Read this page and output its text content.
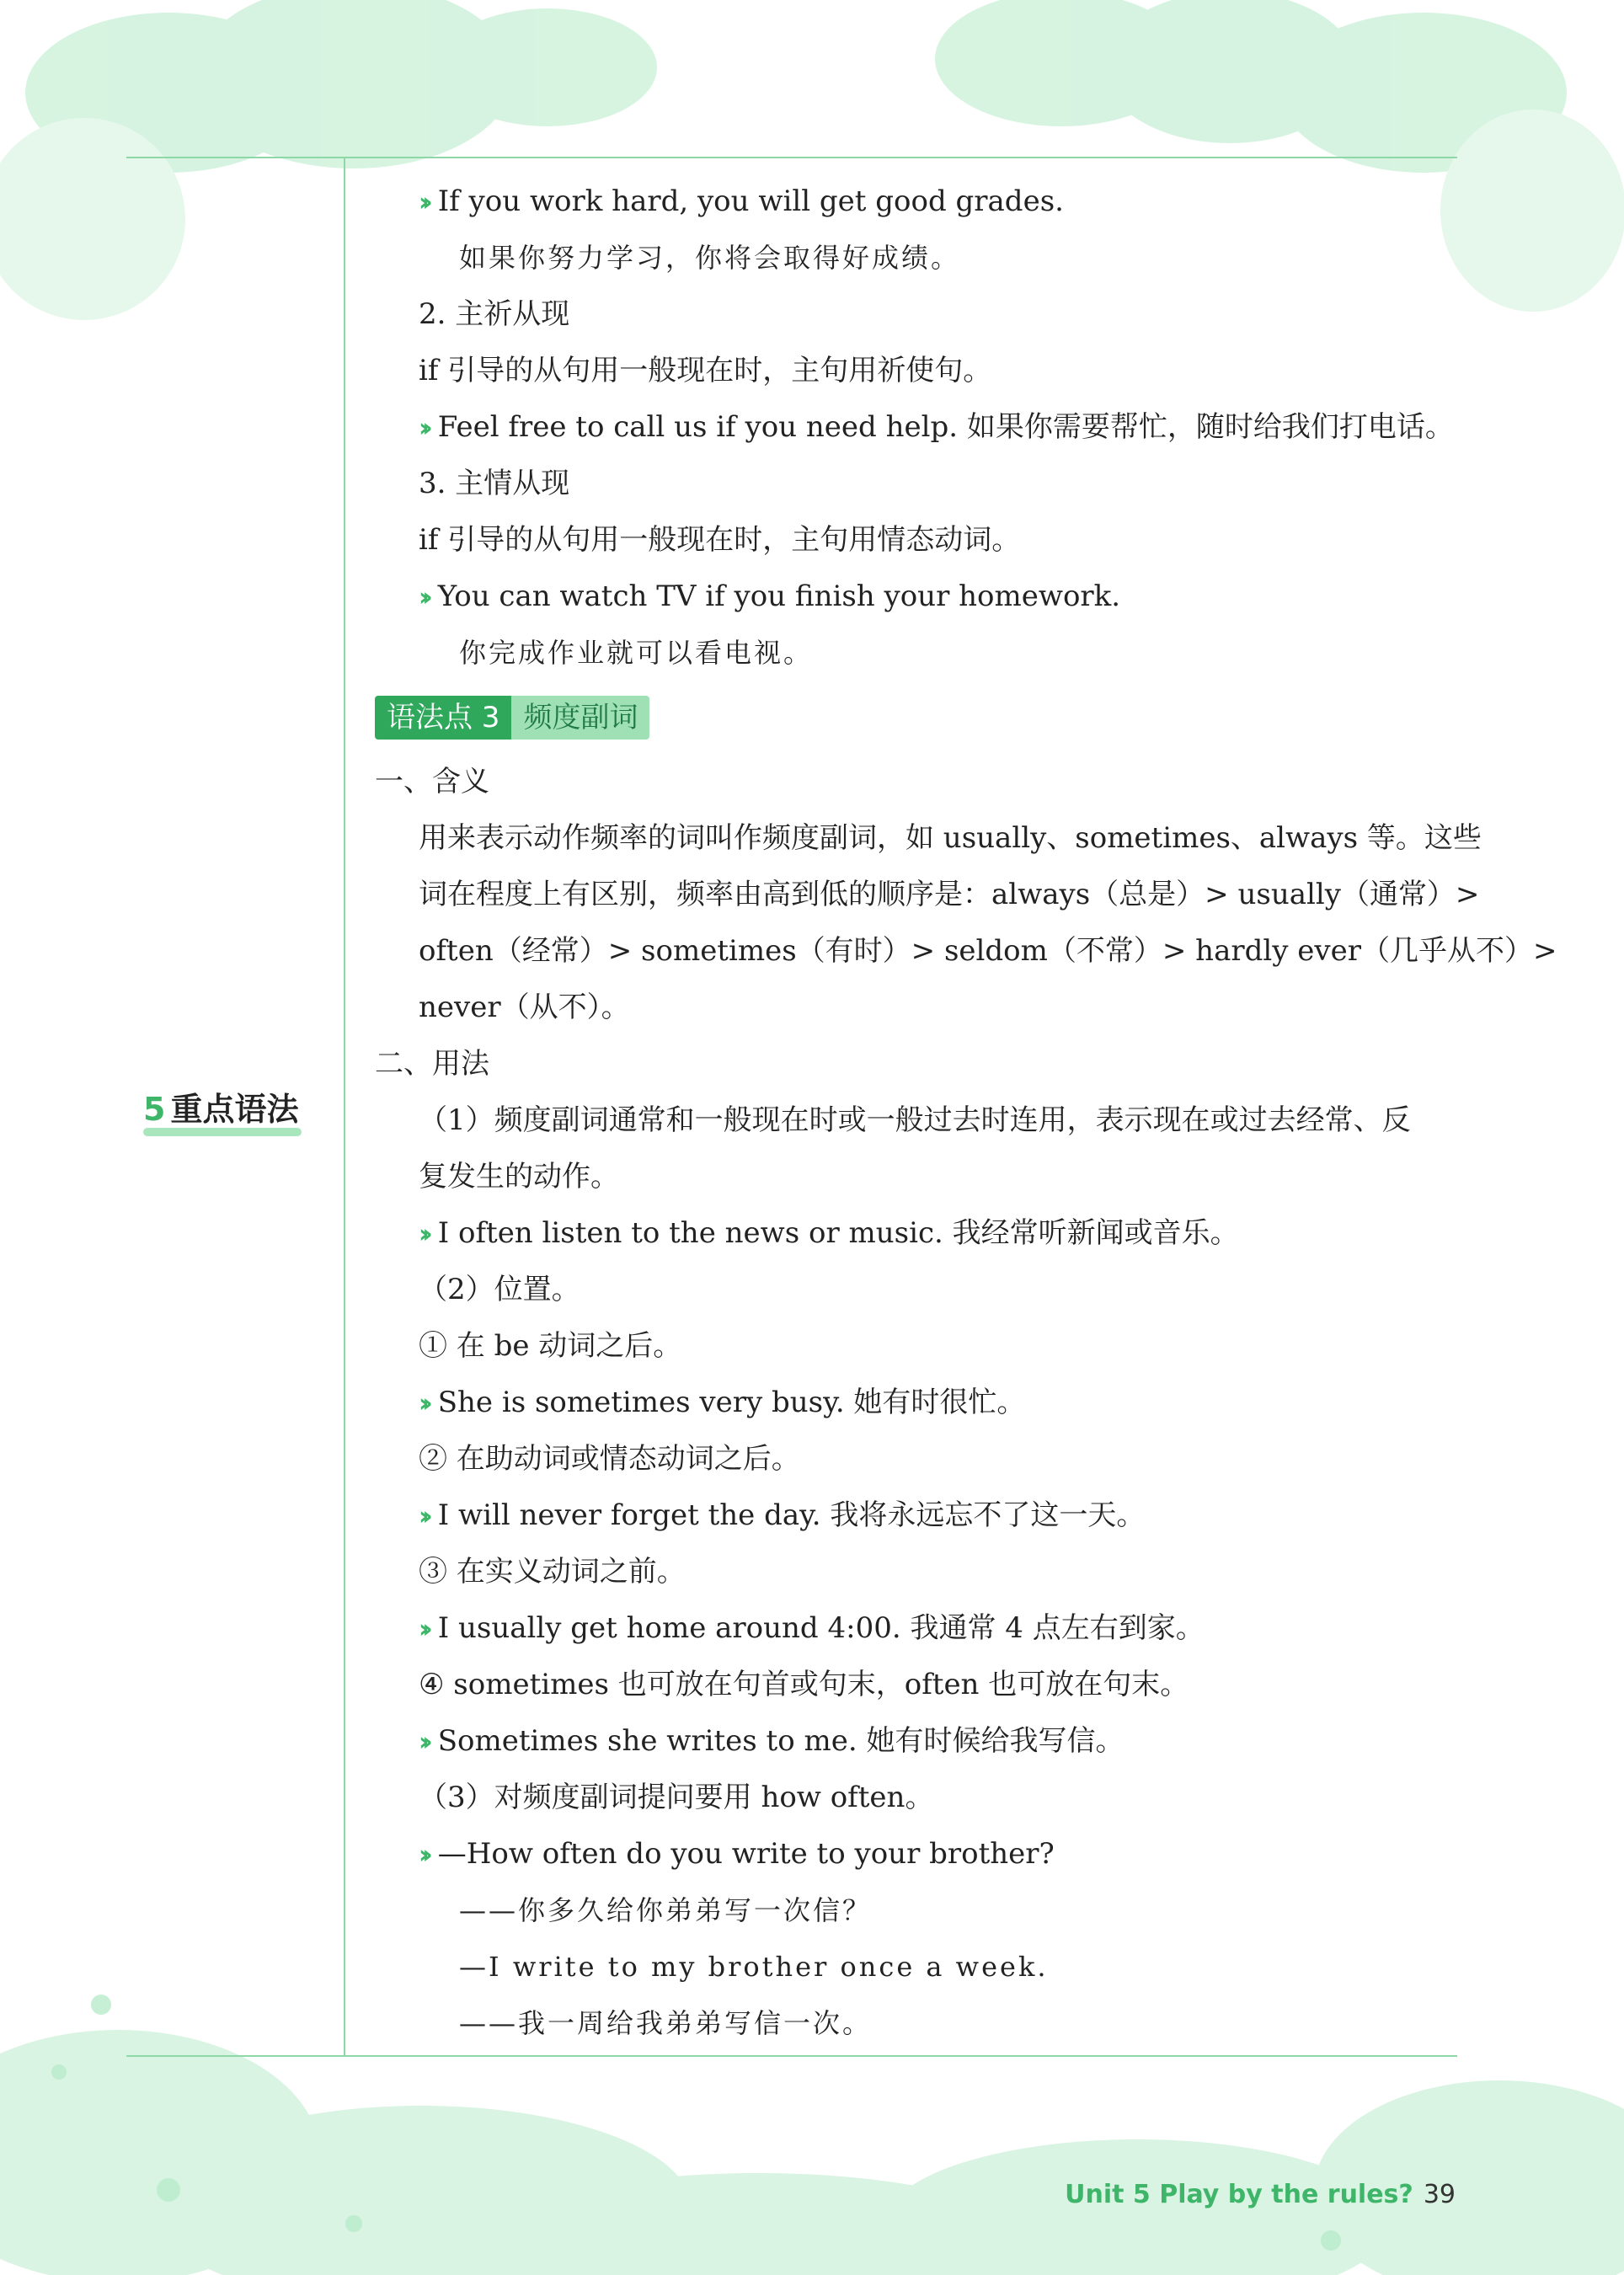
5 重点语法
›› If you work hard, you will get good grades.
如果你努力学习，你将会取得好成绩。
2. 主祈从现
if 引导的从句用一般现在时，主句用祈使句。
›› Feel free to call us if you need help. 如果你需要帮忙，随时给我们打电话。
3. 主情从现
if 引导的从句用一般现在时，主句用情态动词。
›› You can watch TV if you finish your homework.
你完成作业就可以看电视。
语法点 3 频度副词
一、含义
用来表示动作频率的词叫作频度副词，如 usually、sometimes、always 等。这些
词在程度上有区别，频率由高到低的顺序是：always（总是）> usually（通常）>
often（经常）> sometimes（有时）> seldom（不常）> hardly ever（几乎从不）>
never（从不）。
二、用法
（1）频度副词通常和一般现在时或一般过去时连用，表示现在或过去经常、反
复发生的动作。
›› I often listen to the news or music. 我经常听新闻或音乐。
（2）位置。
① 在 be 动词之后。
›› She is sometimes very busy. 她有时很忙。
② 在助动词或情态动词之后。
›› I will never forget the day. 我将永远忘不了这一天。
③ 在实义动词之前。
›› I usually get home around 4:00. 我通常 4 点左右到家。
④ sometimes 也可放在句首或句末，often 也可放在句末。
›› Sometimes she writes to me. 她有时候给我写信。
（3）对频度副词提问要用 how often。
›› —How often do you write to your brother?
——你多久给你弟弟写一次信？
—I write to my brother once a week.
——我一周给我弟弟写信一次。
Unit 5 Play by the rules? 39
